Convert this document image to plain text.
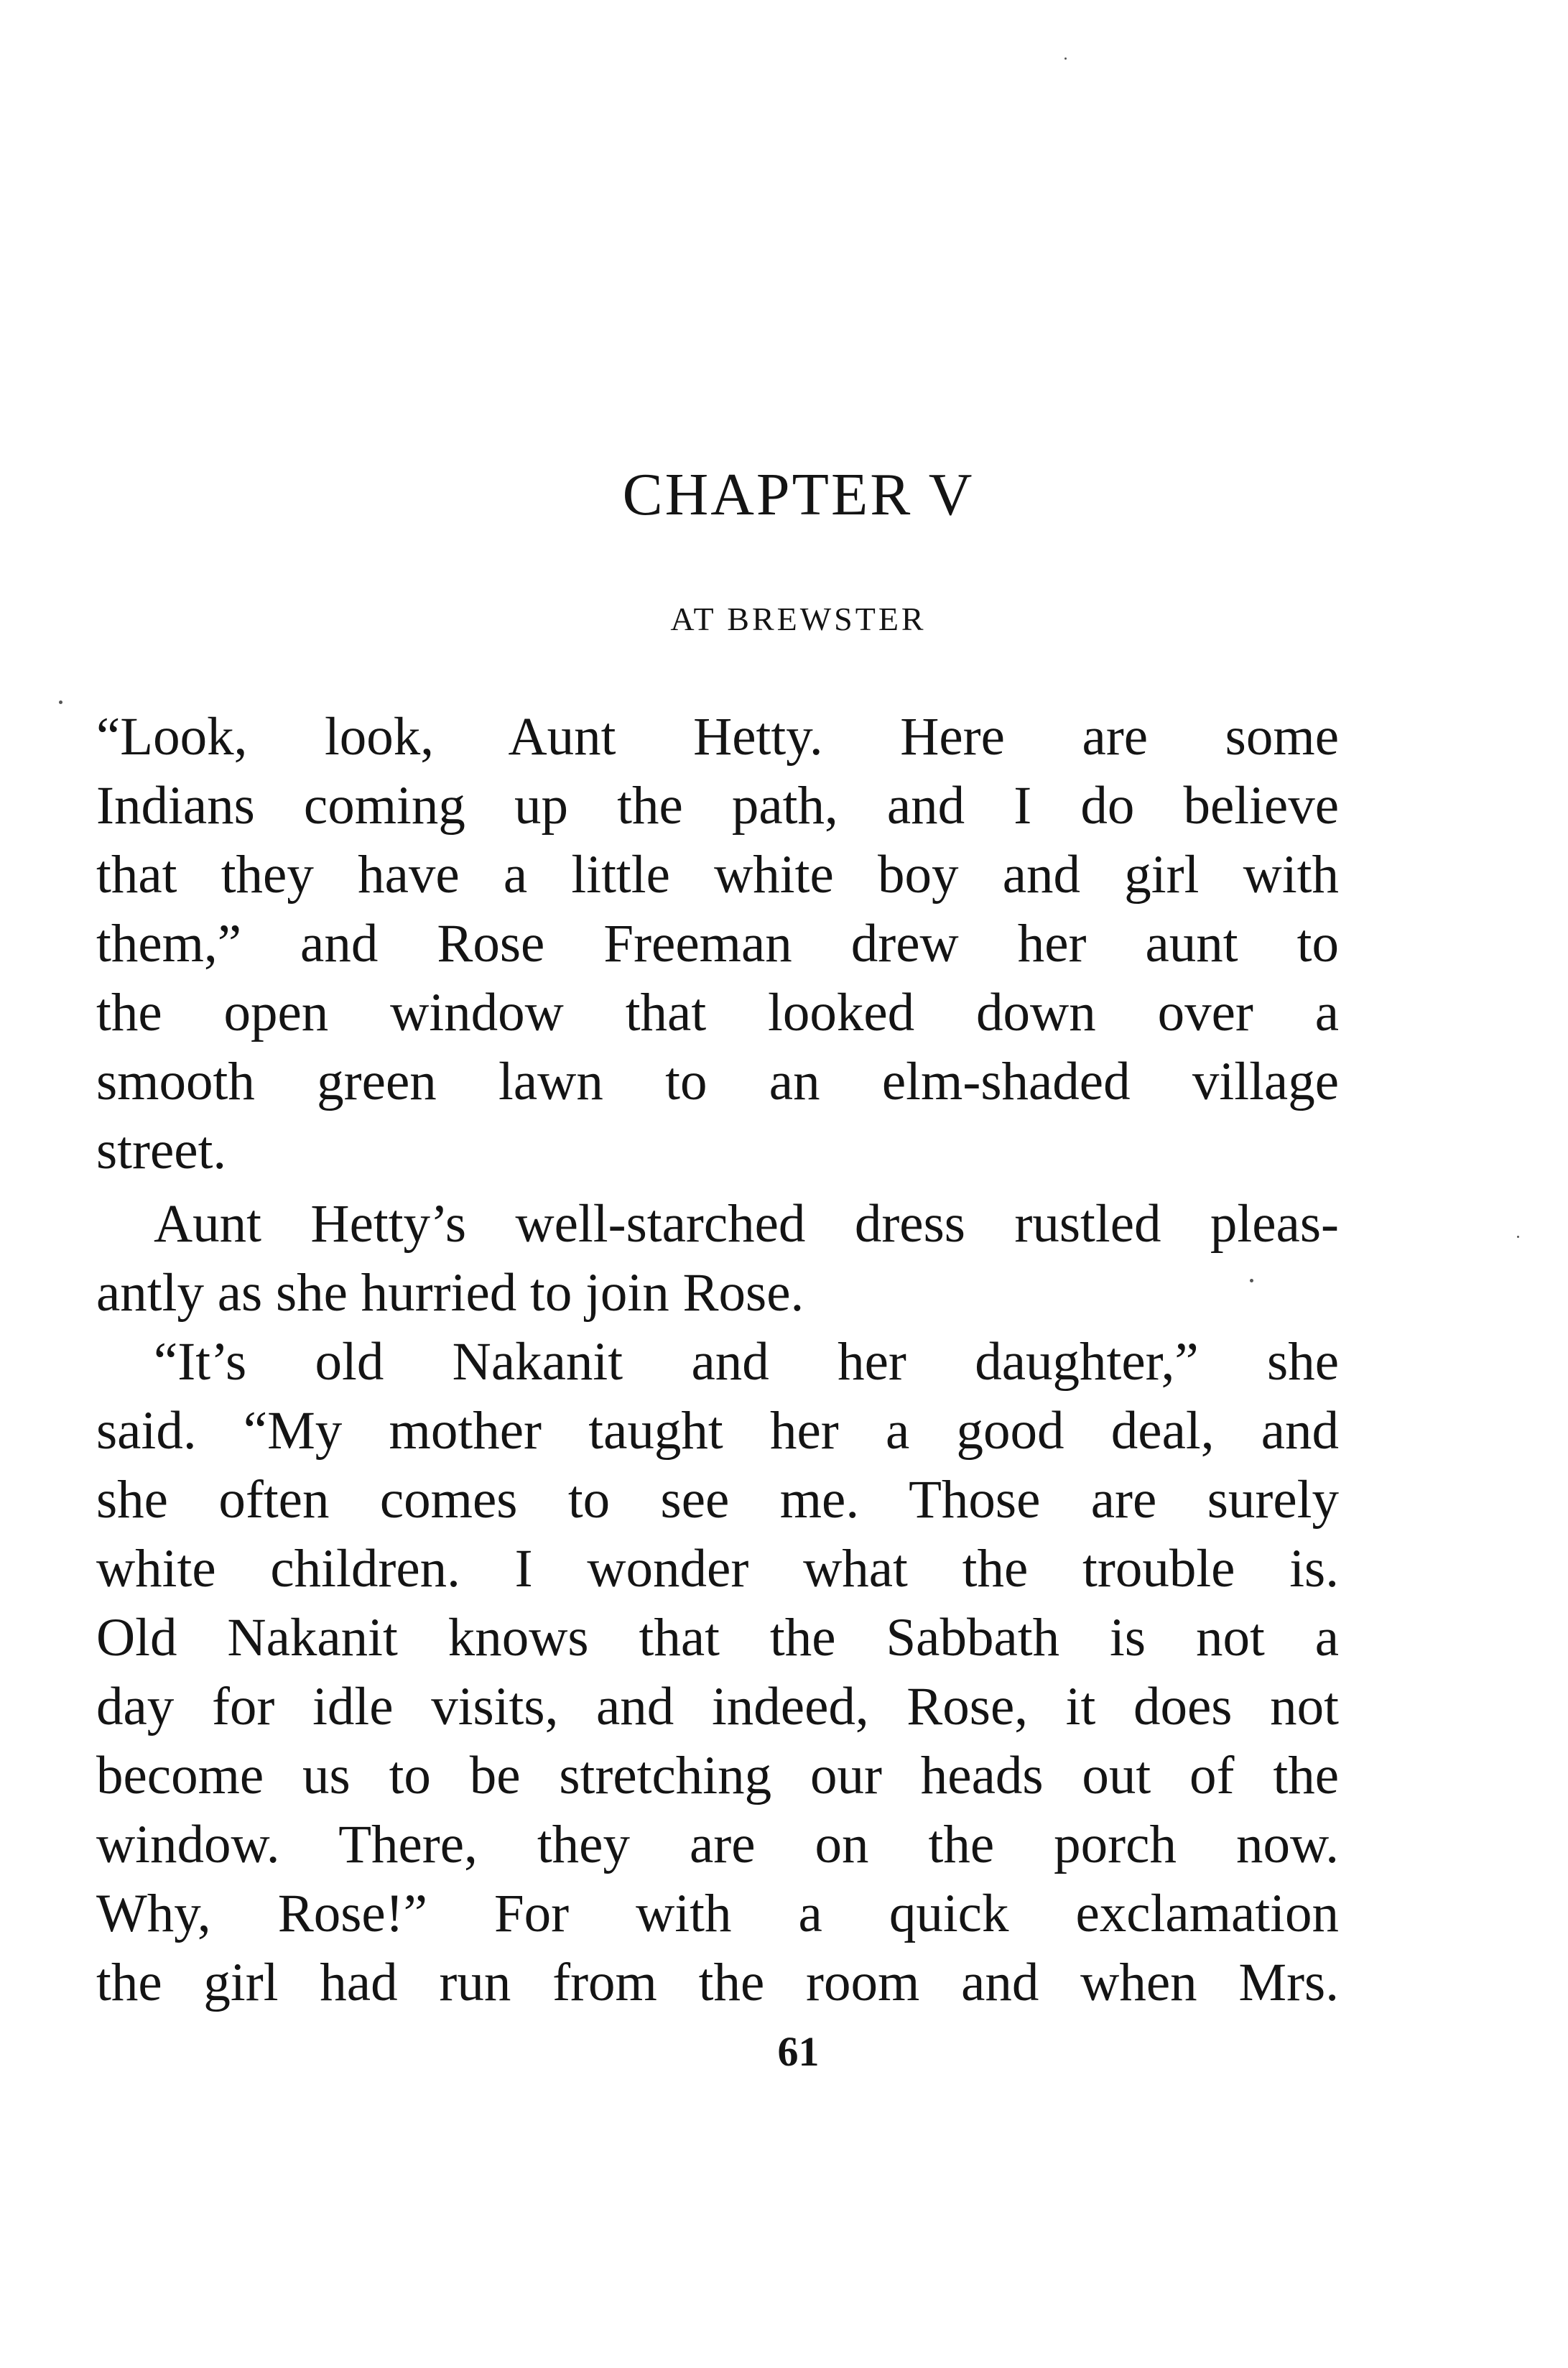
CHAPTER V
AT BREWSTER
“Look, look, Aunt Hetty. Here are some
Indians coming up the path, and I do believe
that they have a little white boy and girl with
them,” and Rose Freeman drew her aunt to
the open window that looked down over a
smooth green lawn to an elm-shaded village
street.
Aunt Hetty’s well-starched dress rustled pleas-
antly as she hurried to join Rose.
“It’s old Nakanit and her daughter,” she
said. “My mother taught her a good deal, and
she often comes to see me. Those are surely
white children. I wonder what the trouble is.
Old Nakanit knows that the Sabbath is not a
day for idle visits, and indeed, Rose, it does not
become us to be stretching our heads out of the
window. There, they are on the porch now.
Why, Rose!” For with a quick exclamation
the girl had run from the room and when Mrs.
61
